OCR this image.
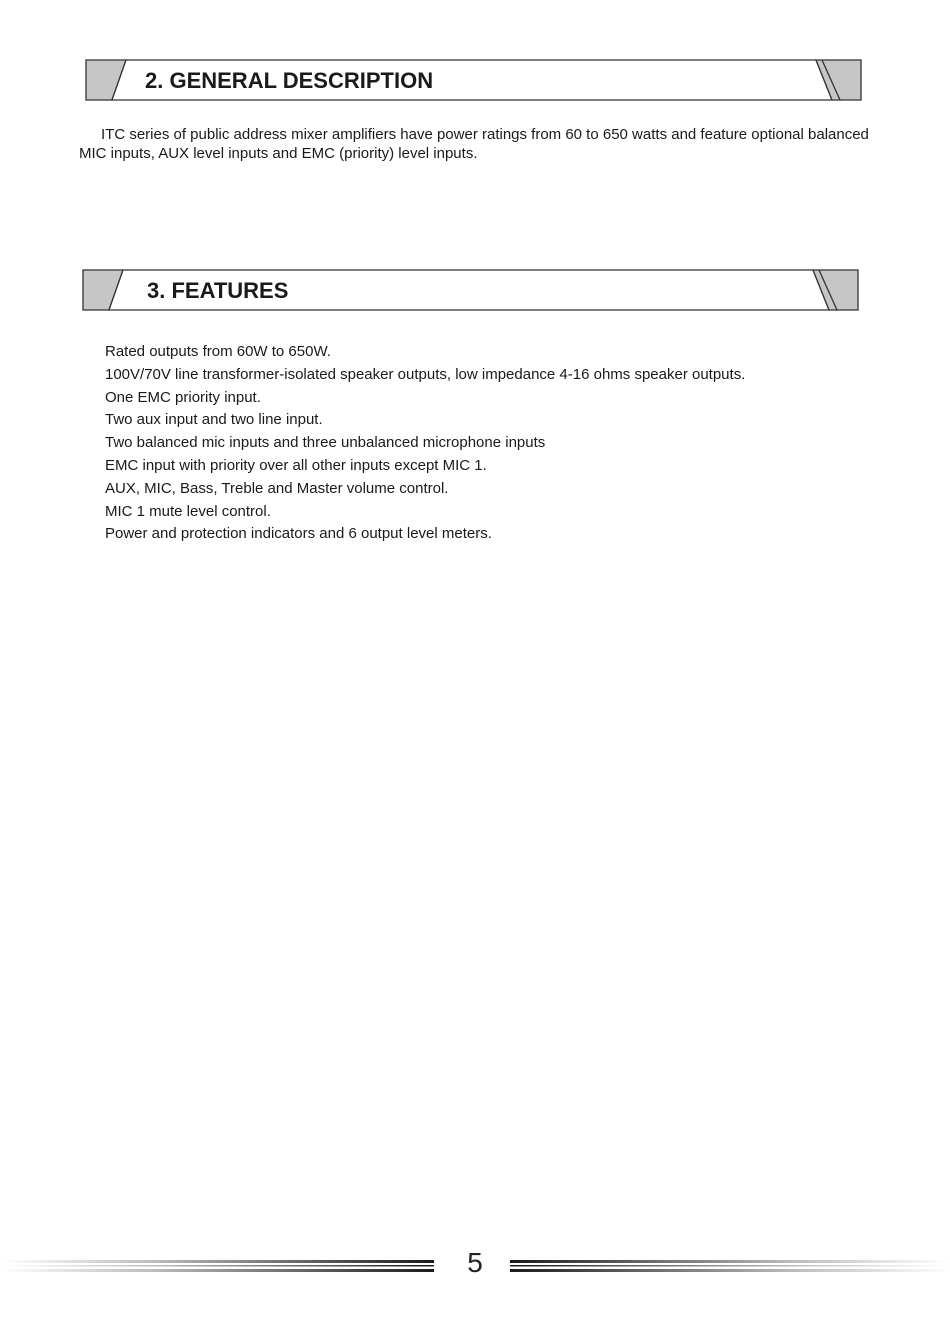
2. GENERAL DESCRIPTION

ITC series of public address mixer amplifiers have power ratings from 60 to 650 watts and feature optional balanced MIC inputs, AUX level inputs and EMC (priority) level inputs.

3. FEATURES
Rated outputs from 60W to 650W.
100V/70V line transformer-isolated speaker outputs, low impedance 4-16 ohms speaker outputs.
One EMC priority input.
Two aux input and two line input.
Two balanced mic inputs and three unbalanced microphone inputs
EMC input with priority over all other inputs except MIC 1.
AUX, MIC, Bass, Treble and Master volume control.
MIC 1 mute level control.
Power and protection indicators and 6 output level meters.
5
